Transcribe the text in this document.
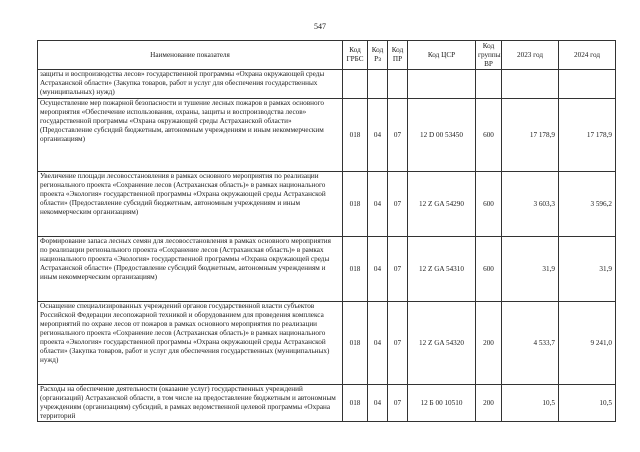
547
Наименование показателя	Код ГРБС	Код Рз	Код ПР	Код ЦСР	Код группы ВР	2023 год	2024 год
защиты и воспроизводства лесов» государственной программы «Охрана окружающей среды Астраханской области» (Закупка товаров, работ и услуг для обеспечения государственных (муниципальных) нужд)							
Осуществление мер пожарной безопасности и тушение лесных пожаров в рамках основного мероприятия «Обеспечение использования, охраны, защиты и воспроизводства лесов» государственной программы «Охрана окружающей среды Астраханской области» (Предоставление субсидий бюджетным, автономным учреждениям и иным некоммерческим организациям)	018	04	07	12 D 00 53450	600	17 178,9	17 178,9
Увеличение площади лесовосстановления в рамках основного мероприятия по реализации регионального проекта «Сохранение лесов (Астраханская область)» в рамках национального проекта «Экология» государственной программы «Охрана окружающей среды Астраханской области» (Предоставление субсидий бюджетным, автономным учреждениям и иным некоммерческим организациям)	018	04	07	12 Z GA 54290	600	3 603,3	3 596,2
Формирование запаса лесных семян для лесовосстановления в рамках основного мероприятия по реализации регионального проекта «Сохранение лесов (Астраханская область)» в рамках национального проекта «Экология» государственной программы «Охрана окружающей среды Астраханской области» (Предоставление субсидий бюджетным, автономным учреждениям и иным некоммерческим организациям)	018	04	07	12 Z GA 54310	600	31,9	31,9
Оснащение специализированных учреждений органов государственной власти субъектов Российской Федерации лесопожарной техникой и оборудованием для проведения комплекса мероприятий по охране лесов от пожаров в рамках основного мероприятия по реализации регионального проекта «Сохранение лесов (Астраханская область)» в рамках национального проекта «Экология» государственной программы «Охрана окружающей среды Астраханской области» (Закупка товаров, работ и услуг для обеспечения государственных (муниципальных) нужд)	018	04	07	12 Z GA 54320	200	4 533,7	9 241,0
Расходы на обеспечение деятельности (оказание услуг) государственных учреждений (организаций) Астраханской области, в том числе на предоставление бюджетным и автономным учреждениям (организациям) субсидий, в рамках ведомственной целевой программы «Охрана территорий	018	04	07	12 Б 00 10510	200	10,5	10,5
